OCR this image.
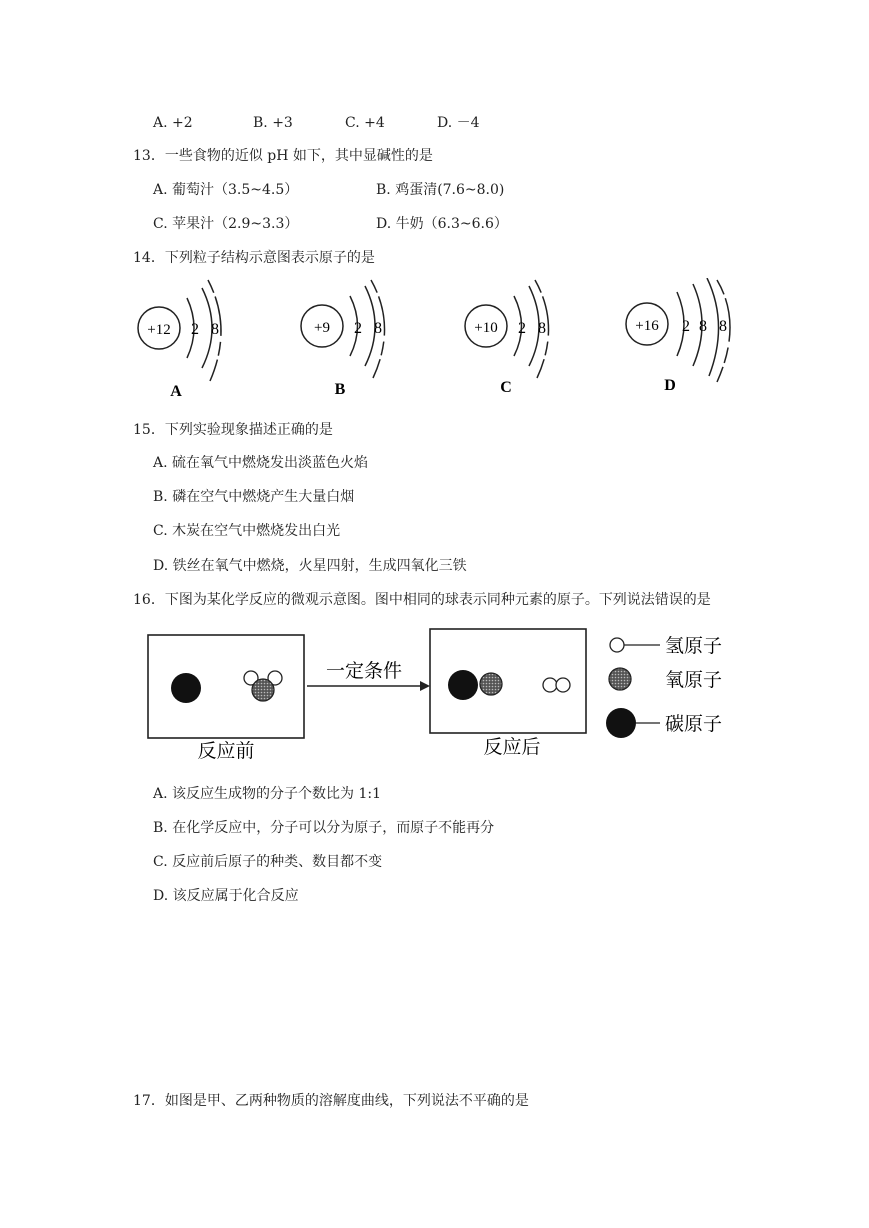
A. +2	B. +3	C. +4	D. －4
13．一些食物的近似 pH 如下，其中显碱性的是
A. 葡萄汁（3.5~4.5）	B. 鸡蛋清(7.6~8.0)
C. 苹果汁（2.9~3.3）	D. 牛奶（6.3~6.6）
14．下列粒子结构示意图表示原子的是
+12 2 8
A
+9 2 8
B
+10 2 8
C
+16 2 8 8
D
15．下列实验现象描述正确的是
A. 硫在氧气中燃烧发出淡蓝色火焰
B. 磷在空气中燃烧产生大量白烟
C. 木炭在空气中燃烧发出白光
D. 铁丝在氧气中燃烧，火星四射，生成四氧化三铁
16．下图为某化学反应的微观示意图。图中相同的球表示同种元素的原子。下列说法错误的是
反应前
一定条件
反应后
氢原子
氧原子
碳原子
A. 该反应生成物的分子个数比为 1:1
B. 在化学反应中，分子可以分为原子，而原子不能再分
C. 反应前后原子的种类、数目都不变
D. 该反应属于化合反应
17．如图是甲、乙两种物质的溶解度曲线，下列说法不平确的是
